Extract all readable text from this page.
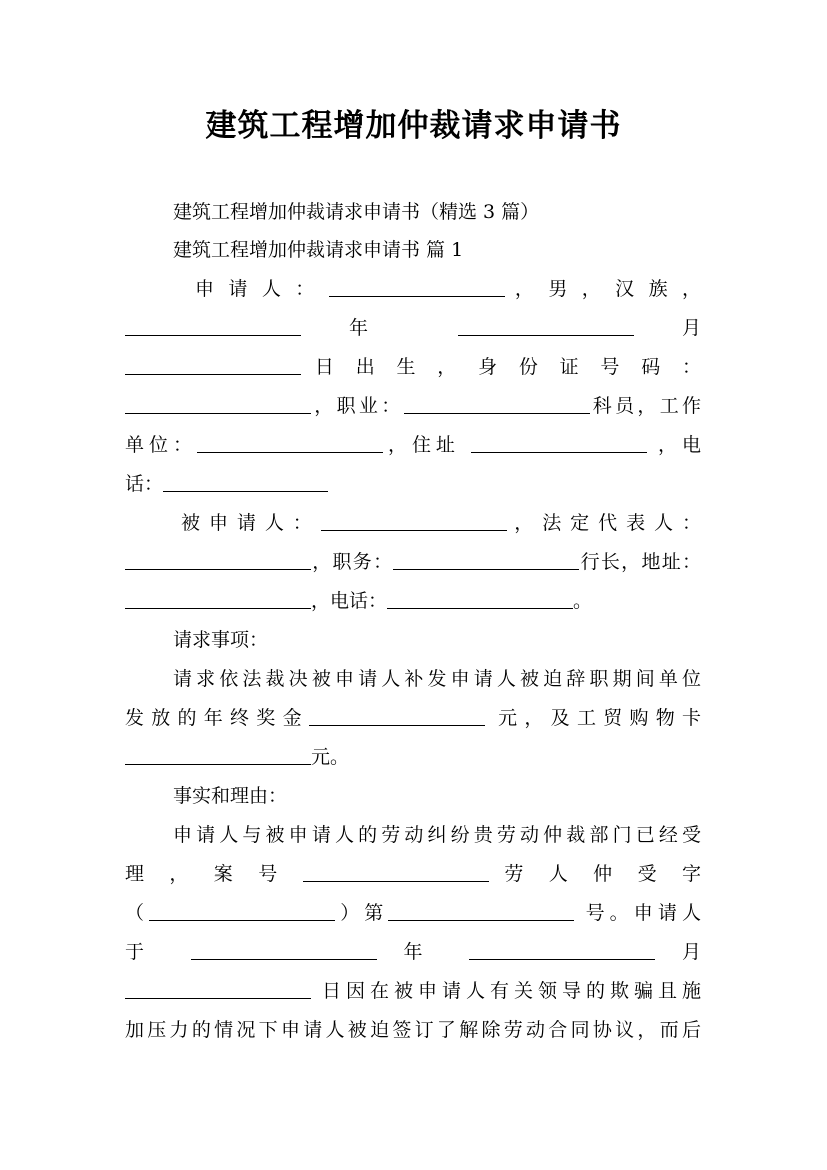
建筑工程增加仲裁请求申请书
建筑工程增加仲裁请求申请书（精选 3 篇）
建筑工程增加仲裁请求申请书 篇 1
申 请 人 ：	， 男 ， 汉 族 ，
年	月
日 出 生 ， 身 份 证 号 码 ：
，职业：	科员，工作
单位：	，住址	，电
话：
被 申 请 人 ：	， 法 定 代 表 人 ：
，职务：	行长，地址：
，电话：	。
请求事项：
请求依法裁决被申请人补发申请人被迫辞职期间单位
发放的年终奖金	元，及工贸购物卡
元。
事实和理由：
申请人与被申请人的劳动纠纷贵劳动仲裁部门已经受
理 ， 案 号	劳 人 仲 受 字
（	）第	号。申请人
于	年	月
日因在被申请人有关领导的欺骗且施
加压力的情况下申请人被迫签订了解除劳动合同协议，而后
